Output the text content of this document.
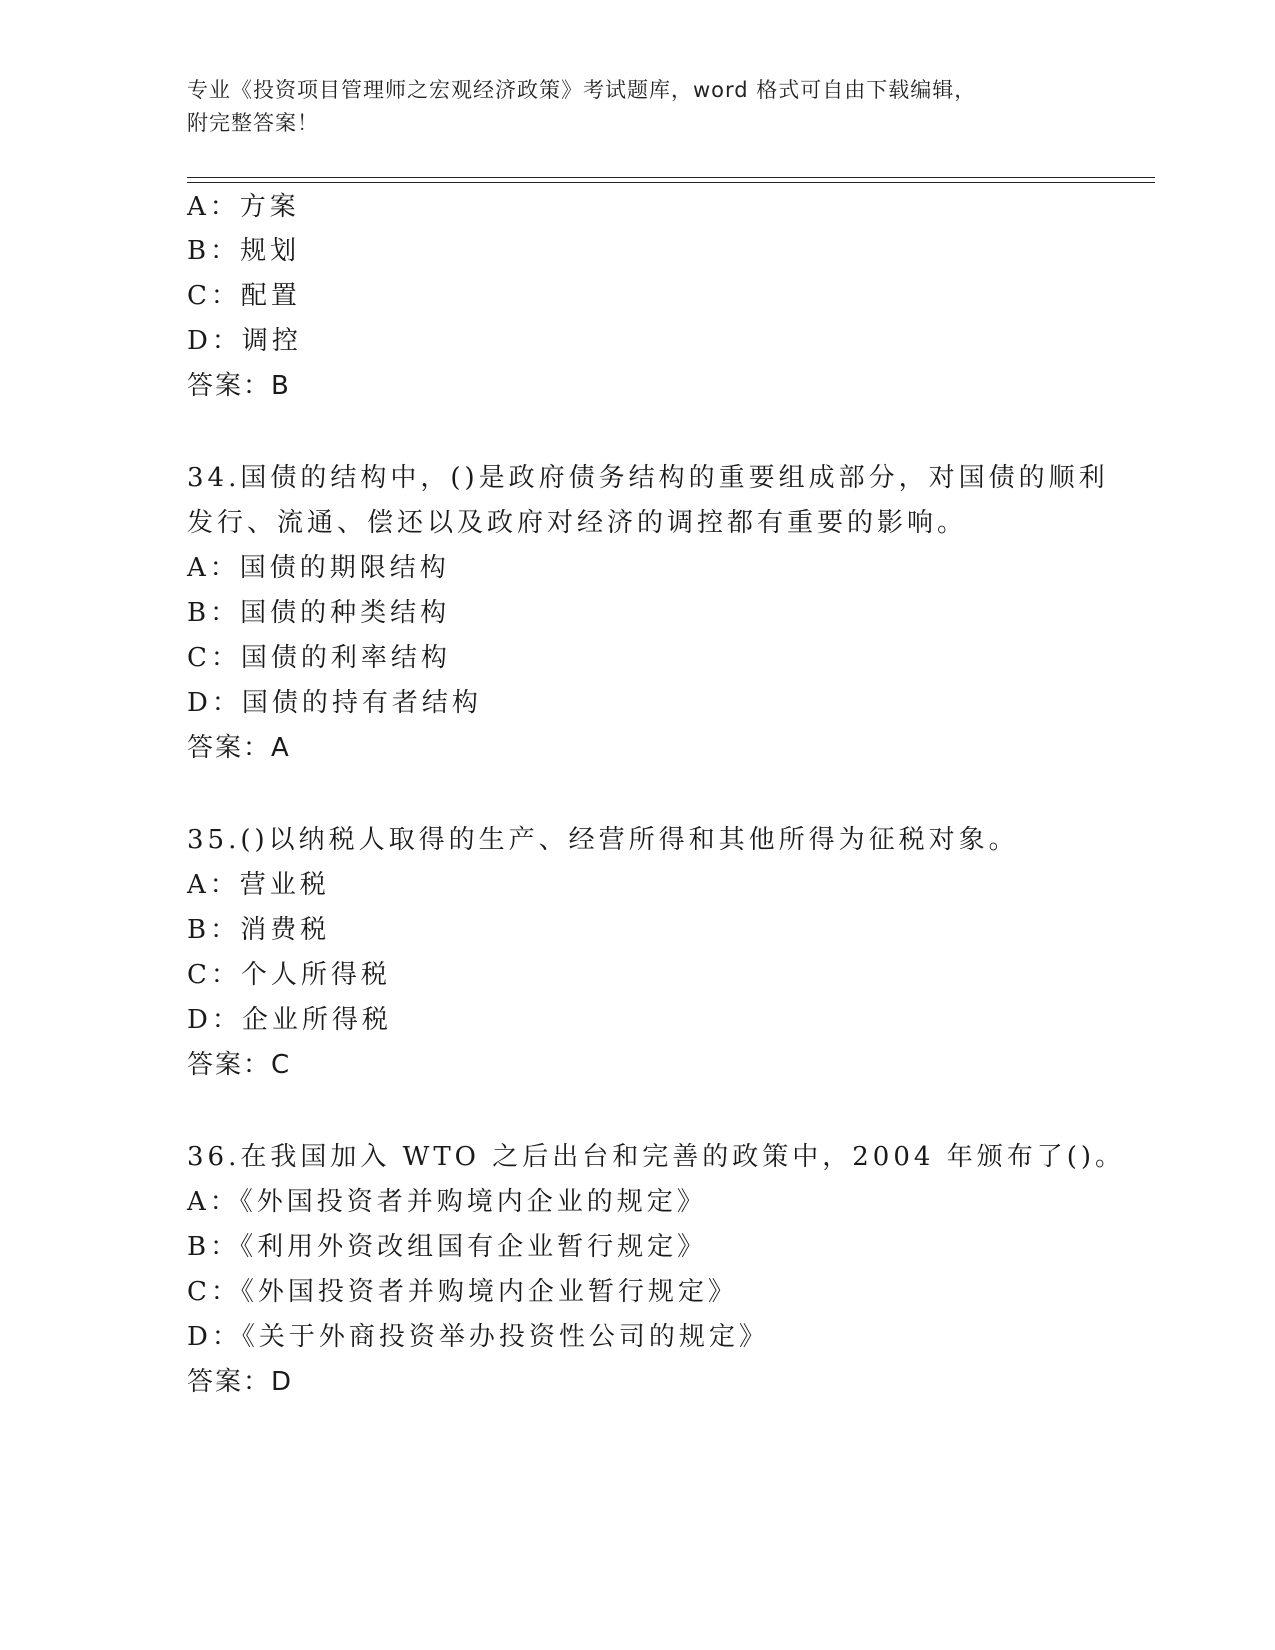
专业《投资项目管理师之宏观经济政策》考试题库，word 格式可自由下载编辑，
附完整答案！
A：方案
B：规划
C：配置
D：调控
答案：B
34.国债的结构中，()是政府债务结构的重要组成部分，对国债的顺利
发行、流通、偿还以及政府对经济的调控都有重要的影响。
A：国债的期限结构
B：国债的种类结构
C：国债的利率结构
D：国债的持有者结构
答案：A
35.()以纳税人取得的生产、经营所得和其他所得为征税对象。
A：营业税
B：消费税
C：个人所得税
D：企业所得税
答案：C
36.在我国加入 WTO 之后出台和完善的政策中，2004 年颁布了()。
A：《外国投资者并购境内企业的规定》
B：《利用外资改组国有企业暂行规定》
C：《外国投资者并购境内企业暂行规定》
D：《关于外商投资举办投资性公司的规定》
答案：D
